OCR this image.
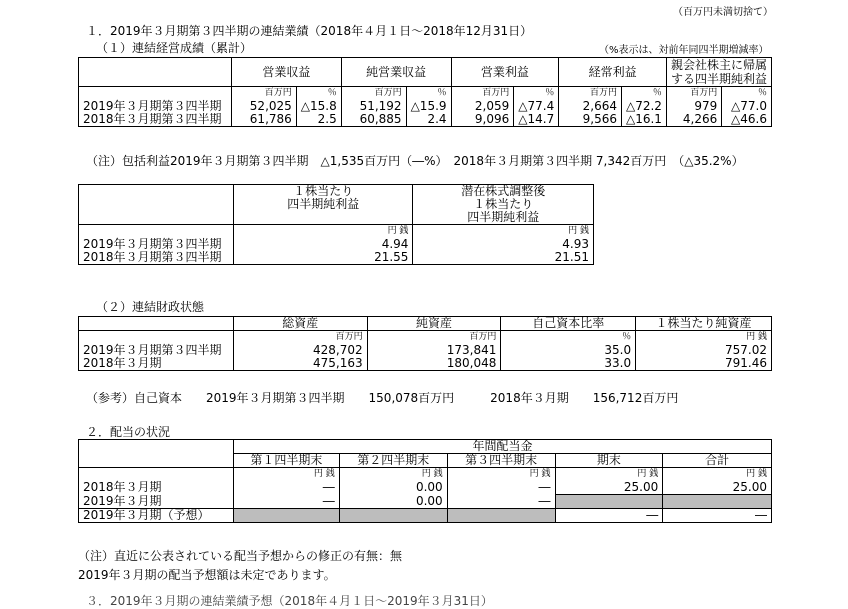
（百万円未満切捨て）
１．2019年３月期第３四半期の連結業績（2018年４月１日～2018年12月31日）
（１）連結経営成績（累計）	（%表示は、対前年同四半期増減率）
	営業収益		純営業収益		営業利益		経常利益		親会社株主に帰属	
									する四半期純利益	
	百万円	％	百万円	％	百万円	％	百万円	％	百万円	％
2019年３月期第３四半期	52,025	△15.8	51,192	△15.9	2,059	△77.4	2,664	△72.2	979	△77.0
2018年３月期第３四半期	61,786	2.5	60,885	2.4	9,096	△14.7	9,566	△16.1	4,266	△46.6
（注）包括利益2019年３月期第３四半期　△1,535百万円（―%）　2018年３月期第３四半期 7,342百万円　（△35.2%）
	１株当たり	潜在株式調整後
	四半期純利益	１株当たり
		四半期純利益
	円 銭	円 銭
2019年３月期第３四半期	4.94	4.93
2018年３月期第３四半期	21.55	21.51
（２）連結財政状態
	総資産	純資産	自己資本比率	１株当たり純資産
	百万円	百万円	％	円 銭
2019年３月期第３四半期	428,702	173,841	35.0	757.02
2018年３月期	475,163	180,048	33.0	791.46
（参考）自己資本　　2019年３月期第３四半期　　150,078百万円　　　2018年３月期　　156,712百万円
２．配当の状況
	年間配当金				
	第１四半期末	第２四半期末	第３四半期末	期末	合計
	円 銭	円 銭	円 銭	円 銭	円 銭
2018年３月期	―	0.00	―	25.00	25.00
2019年３月期	―	0.00	―		
2019年３月期（予想）				―	―
（注）直近に公表されている配当予想からの修正の有無：無
2019年３月期の配当予想額は未定であります。
３．2019年３月期の連結業績予想（2018年４月１日～2019年３月31日）
